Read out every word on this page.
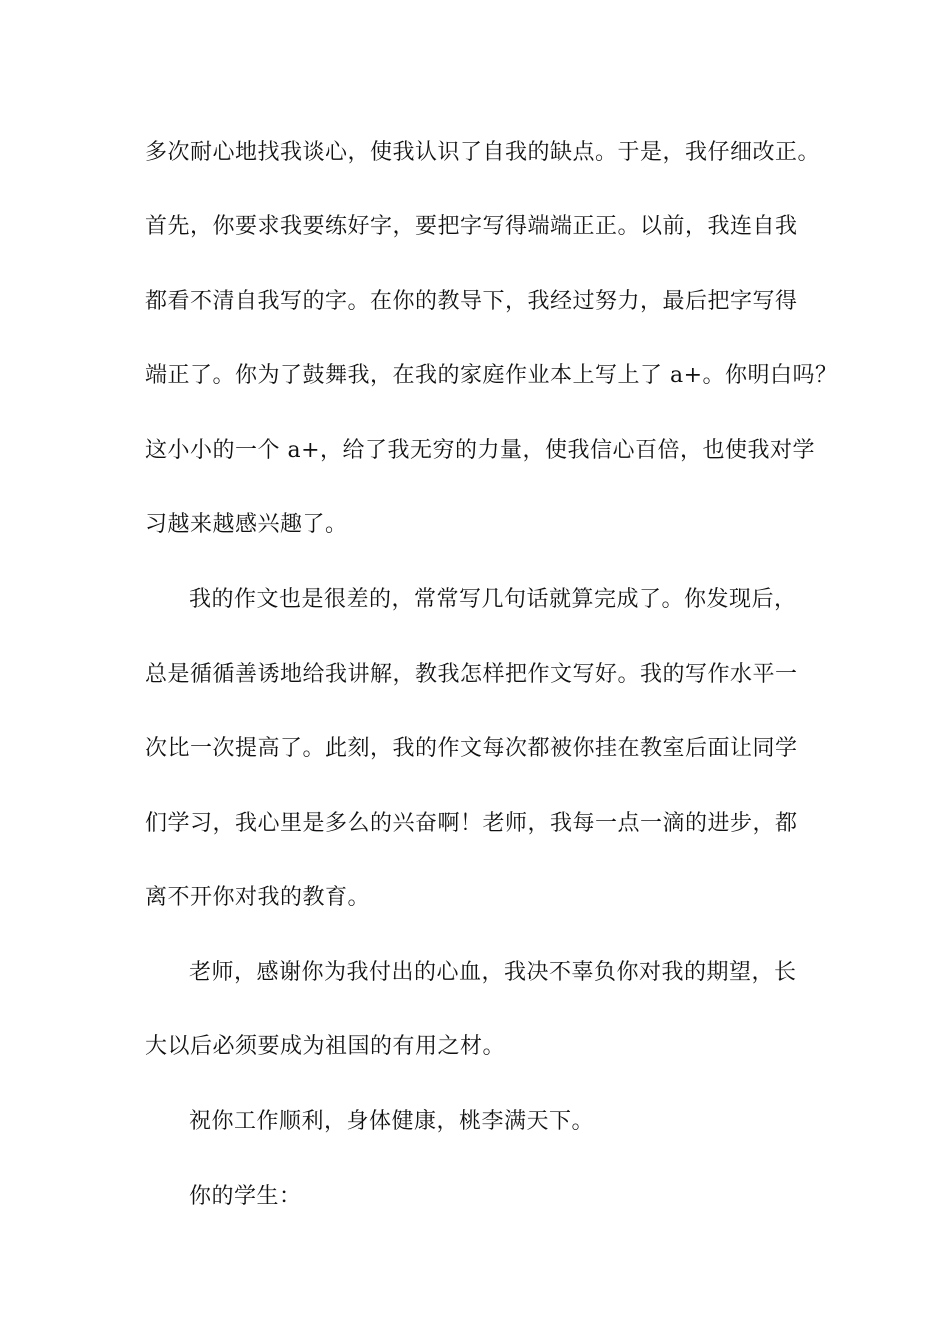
多次耐心地找我谈心，使我认识了自我的缺点。于是，我仔细改正。
首先，你要求我要练好字，要把字写得端端正正。以前，我连自我
都看不清自我写的字。在你的教导下，我经过努力，最后把字写得
端正了。你为了鼓舞我，在我的家庭作业本上写上了 a+。你明白吗？
这小小的一个 a+，给了我无穷的力量，使我信心百倍，也使我对学
习越来越感兴趣了。
我的作文也是很差的，常常写几句话就算完成了。你发现后，
总是循循善诱地给我讲解，教我怎样把作文写好。我的写作水平一
次比一次提高了。此刻，我的作文每次都被你挂在教室后面让同学
们学习，我心里是多么的兴奋啊！老师，我每一点一滴的进步，都
离不开你对我的教育。
老师，感谢你为我付出的心血，我决不辜负你对我的期望，长
大以后必须要成为祖国的有用之材。
祝你工作顺利，身体健康，桃李满天下。
你的学生：
